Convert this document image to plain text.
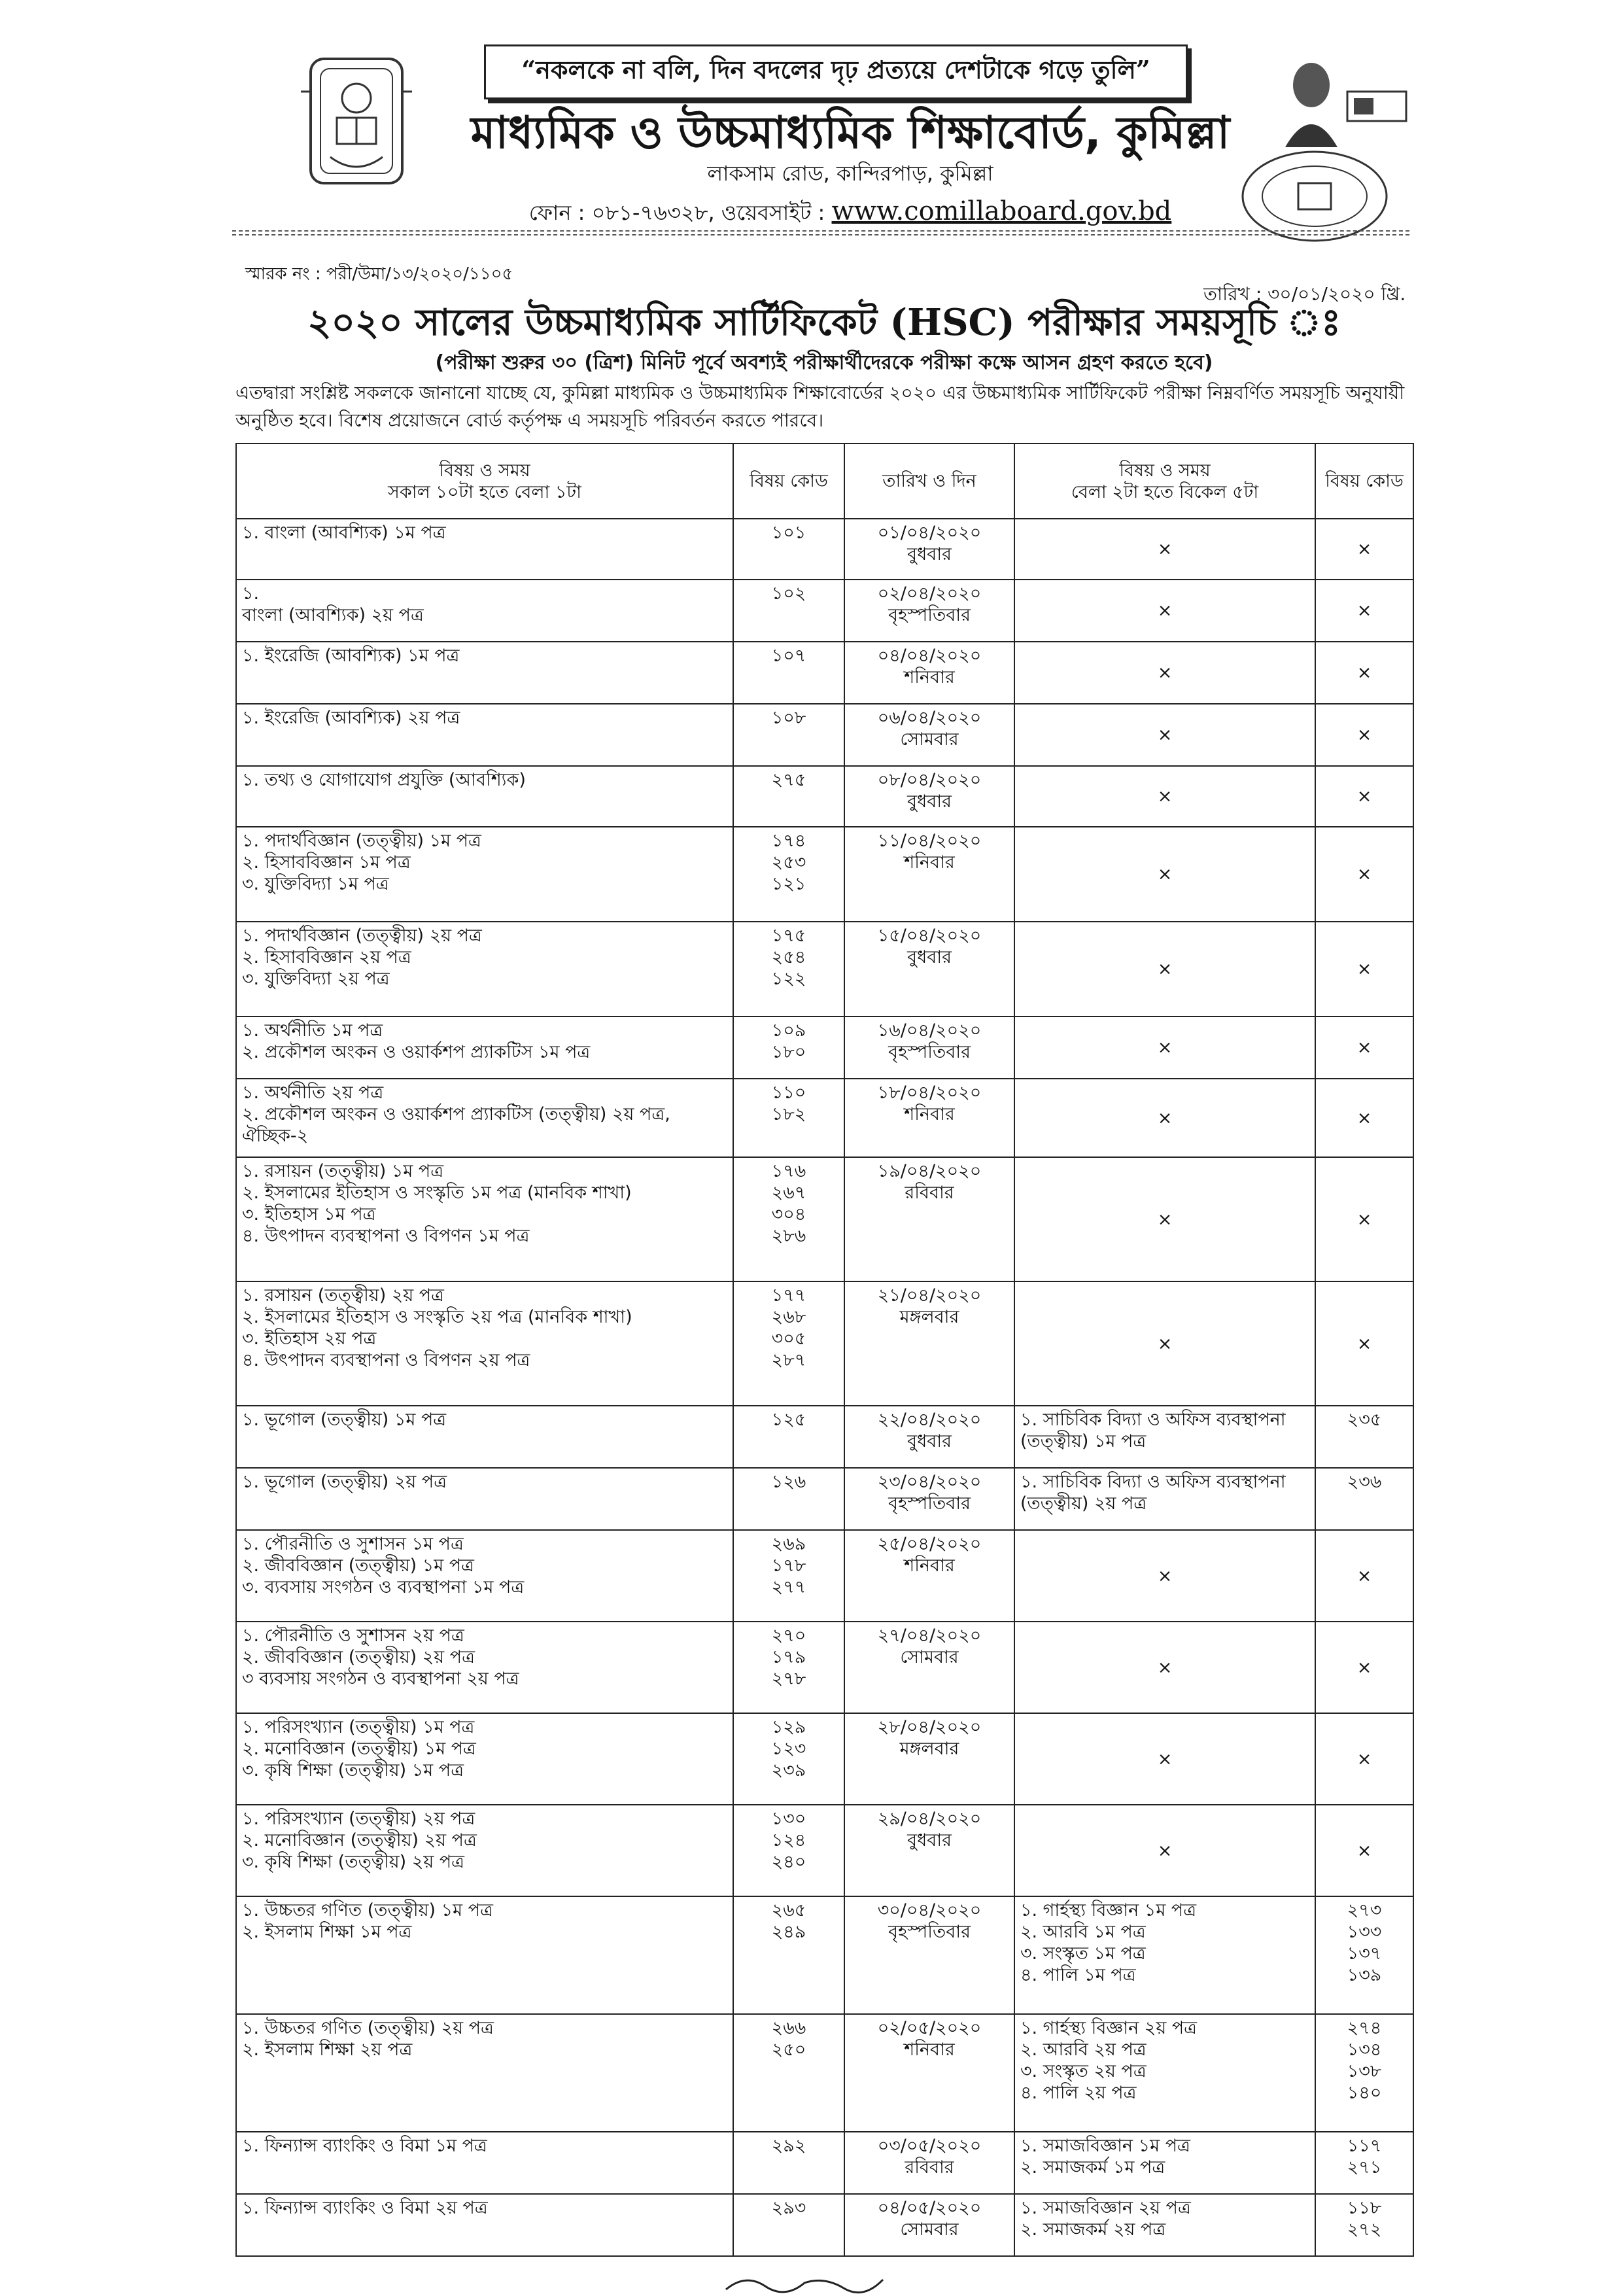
“নকলকে না বলি, দিন বদলের দৃঢ় প্রত্যয়ে দেশটাকে গড়ে তুলি”
মাধ্যমিক ও উচ্চমাধ্যমিক শিক্ষাবোর্ড, কুমিল্লা
লাকসাম রোড, কান্দিরপাড়, কুমিল্লা
ফোন : ০৮১-৭৬৩২৮, ওয়েবসাইট : www.comillaboard.gov.bd
স্মারক নং : পরী/উমা/১৩/২০২০/১১০৫
তারিখ : ৩০/০১/২০২০ খ্রি.
২০২০ সালের উচ্চমাধ্যমিক সার্টিফিকেট (HSC) পরীক্ষার সময়সূচি ঃ
(পরীক্ষা শুরুর ৩০ (ত্রিশ) মিনিট পূর্বে অবশ্যই পরীক্ষার্থীদেরকে পরীক্ষা কক্ষে আসন গ্রহণ করতে হবে)
এতদ্বারা সংশ্লিষ্ট সকলকে জানানো যাচ্ছে যে, কুমিল্লা মাধ্যমিক ও উচ্চমাধ্যমিক শিক্ষাবোর্ডের ২০২০ এর উচ্চমাধ্যমিক সার্টিফিকেট পরীক্ষা নিম্নবর্ণিত সময়সূচি অনুযায়ী অনুষ্ঠিত হবে। বিশেষ প্রয়োজনে বোর্ড কর্তৃপক্ষ এ সময়সূচি পরিবর্তন করতে পারবে।
বিষয় ও সময়
সকাল ১০টা হতে বেলা ১টা	বিষয় কোড	তারিখ ও দিন	বিষয় ও সময়
বেলা ২টা হতে বিকেল ৫টা	বিষয় কোড

১. বাংলা (আবশ্যিক) ১ম পত্র	১০১	০১/০৪/২০২০
বুধবার	×	×

১.
বাংলা (আবশ্যিক) ২য় পত্র	১০২	০২/০৪/২০২০
বৃহস্পতিবার	×	×

১. ইংরেজি (আবশ্যিক) ১ম পত্র	১০৭	০৪/০৪/২০২০
শনিবার	×	×

১. ইংরেজি (আবশ্যিক) ২য় পত্র	১০৮	০৬/০৪/২০২০
সোমবার	×	×

১. তথ্য ও যোগাযোগ প্রযুক্তি (আবশ্যিক)	২৭৫	০৮/০৪/২০২০
বুধবার	×	×

১. পদার্থবিজ্ঞান (তত্ত্বীয়) ১ম পত্র
২. হিসাববিজ্ঞান ১ম পত্র
৩. যুক্তিবিদ্যা ১ম পত্র	১৭৪
২৫৩
১২১	১১/০৪/২০২০
শনিবার	×	×

১. পদার্থবিজ্ঞান (তত্ত্বীয়) ২য় পত্র
২. হিসাববিজ্ঞান ২য় পত্র
৩. যুক্তিবিদ্যা ২য় পত্র	১৭৫
২৫৪
১২২	১৫/০৪/২০২০
বুধবার	×	×

১. অর্থনীতি ১ম পত্র
২. প্রকৌশল অংকন ও ওয়ার্কশপ প্র্যাকটিস ১ম পত্র	১০৯
১৮০	১৬/০৪/২০২০
বৃহস্পতিবার	×	×

১. অর্থনীতি ২য় পত্র
২. প্রকৌশল অংকন ও ওয়ার্কশপ প্র্যাকটিস (তত্ত্বীয়) ২য় পত্র,
ঐচ্ছিক-২	১১০
১৮২	১৮/০৪/২০২০
শনিবার	×	×

১. রসায়ন (তত্ত্বীয়) ১ম পত্র
২. ইসলামের ইতিহাস ও সংস্কৃতি ১ম পত্র (মানবিক শাখা)
৩. ইতিহাস ১ম পত্র
৪. উৎপাদন ব্যবস্থাপনা ও বিপণন ১ম পত্র	১৭৬
২৬৭
৩০৪
২৮৬	১৯/০৪/২০২০
রবিবার	×	×

১. রসায়ন (তত্ত্বীয়) ২য় পত্র
২. ইসলামের ইতিহাস ও সংস্কৃতি ২য় পত্র (মানবিক শাখা)
৩. ইতিহাস ২য় পত্র
৪. উৎপাদন ব্যবস্থাপনা ও বিপণন ২য় পত্র	১৭৭
২৬৮
৩০৫
২৮৭	২১/০৪/২০২০
মঙ্গলবার	×	×

১. ভূগোল (তত্ত্বীয়) ১ম পত্র	১২৫	২২/০৪/২০২০
বুধবার	১. সাচিবিক বিদ্যা ও অফিস ব্যবস্থাপনা
(তত্ত্বীয়) ১ম পত্র	২৩৫

১. ভূগোল (তত্ত্বীয়) ২য় পত্র	১২৬	২৩/০৪/২০২০
বৃহস্পতিবার	১. সাচিবিক বিদ্যা ও অফিস ব্যবস্থাপনা
(তত্ত্বীয়) ২য় পত্র	২৩৬

১. পৌরনীতি ও সুশাসন ১ম পত্র
২. জীববিজ্ঞান (তত্ত্বীয়) ১ম পত্র
৩. ব্যবসায় সংগঠন ও ব্যবস্থাপনা ১ম পত্র	২৬৯
১৭৮
২৭৭	২৫/০৪/২০২০
শনিবার	×	×

১. পৌরনীতি ও সুশাসন ২য় পত্র
২. জীববিজ্ঞান (তত্ত্বীয়) ২য় পত্র
৩ ব্যবসায় সংগঠন ও ব্যবস্থাপনা ২য় পত্র	২৭০
১৭৯
২৭৮	২৭/০৪/২০২০
সোমবার	×	×

১. পরিসংখ্যান (তত্ত্বীয়) ১ম পত্র
২. মনোবিজ্ঞান (তত্ত্বীয়) ১ম পত্র
৩. কৃষি শিক্ষা (তত্ত্বীয়) ১ম পত্র	১২৯
১২৩
২৩৯	২৮/০৪/২০২০
মঙ্গলবার	×	×

১. পরিসংখ্যান (তত্ত্বীয়) ২য় পত্র
২. মনোবিজ্ঞান (তত্ত্বীয়) ২য় পত্র
৩. কৃষি শিক্ষা (তত্ত্বীয়) ২য় পত্র	১৩০
১২৪
২৪০	২৯/০৪/২০২০
বুধবার	×	×

১. উচ্চতর গণিত (তত্ত্বীয়) ১ম পত্র
২. ইসলাম শিক্ষা ১ম পত্র	২৬৫
২৪৯	৩০/০৪/২০২০
বৃহস্পতিবার	১. গার্হস্থ্য বিজ্ঞান ১ম পত্র
২. আরবি ১ম পত্র
৩. সংস্কৃত ১ম পত্র
৪. পালি ১ম পত্র	২৭৩
১৩৩
১৩৭
১৩৯

১. উচ্চতর গণিত (তত্ত্বীয়) ২য় পত্র
২. ইসলাম শিক্ষা ২য় পত্র	২৬৬
২৫০	০২/০৫/২০২০
শনিবার	১. গার্হস্থ্য বিজ্ঞান ২য় পত্র
২. আরবি ২য় পত্র
৩. সংস্কৃত ২য় পত্র
৪. পালি ২য় পত্র	২৭৪
১৩৪
১৩৮
১৪০

১. ফিন্যান্স ব্যাংকিং ও বিমা ১ম পত্র	২৯২	০৩/০৫/২০২০
রবিবার	১. সমাজবিজ্ঞান ১ম পত্র
২. সমাজকর্ম ১ম পত্র	১১৭
২৭১

১. ফিন্যান্স ব্যাংকিং ও বিমা ২য় পত্র	২৯৩	০৪/০৫/২০২০
সোমবার	১. সমাজবিজ্ঞান ২য় পত্র
২. সমাজকর্ম ২য় পত্র	১১৮
২৭২
